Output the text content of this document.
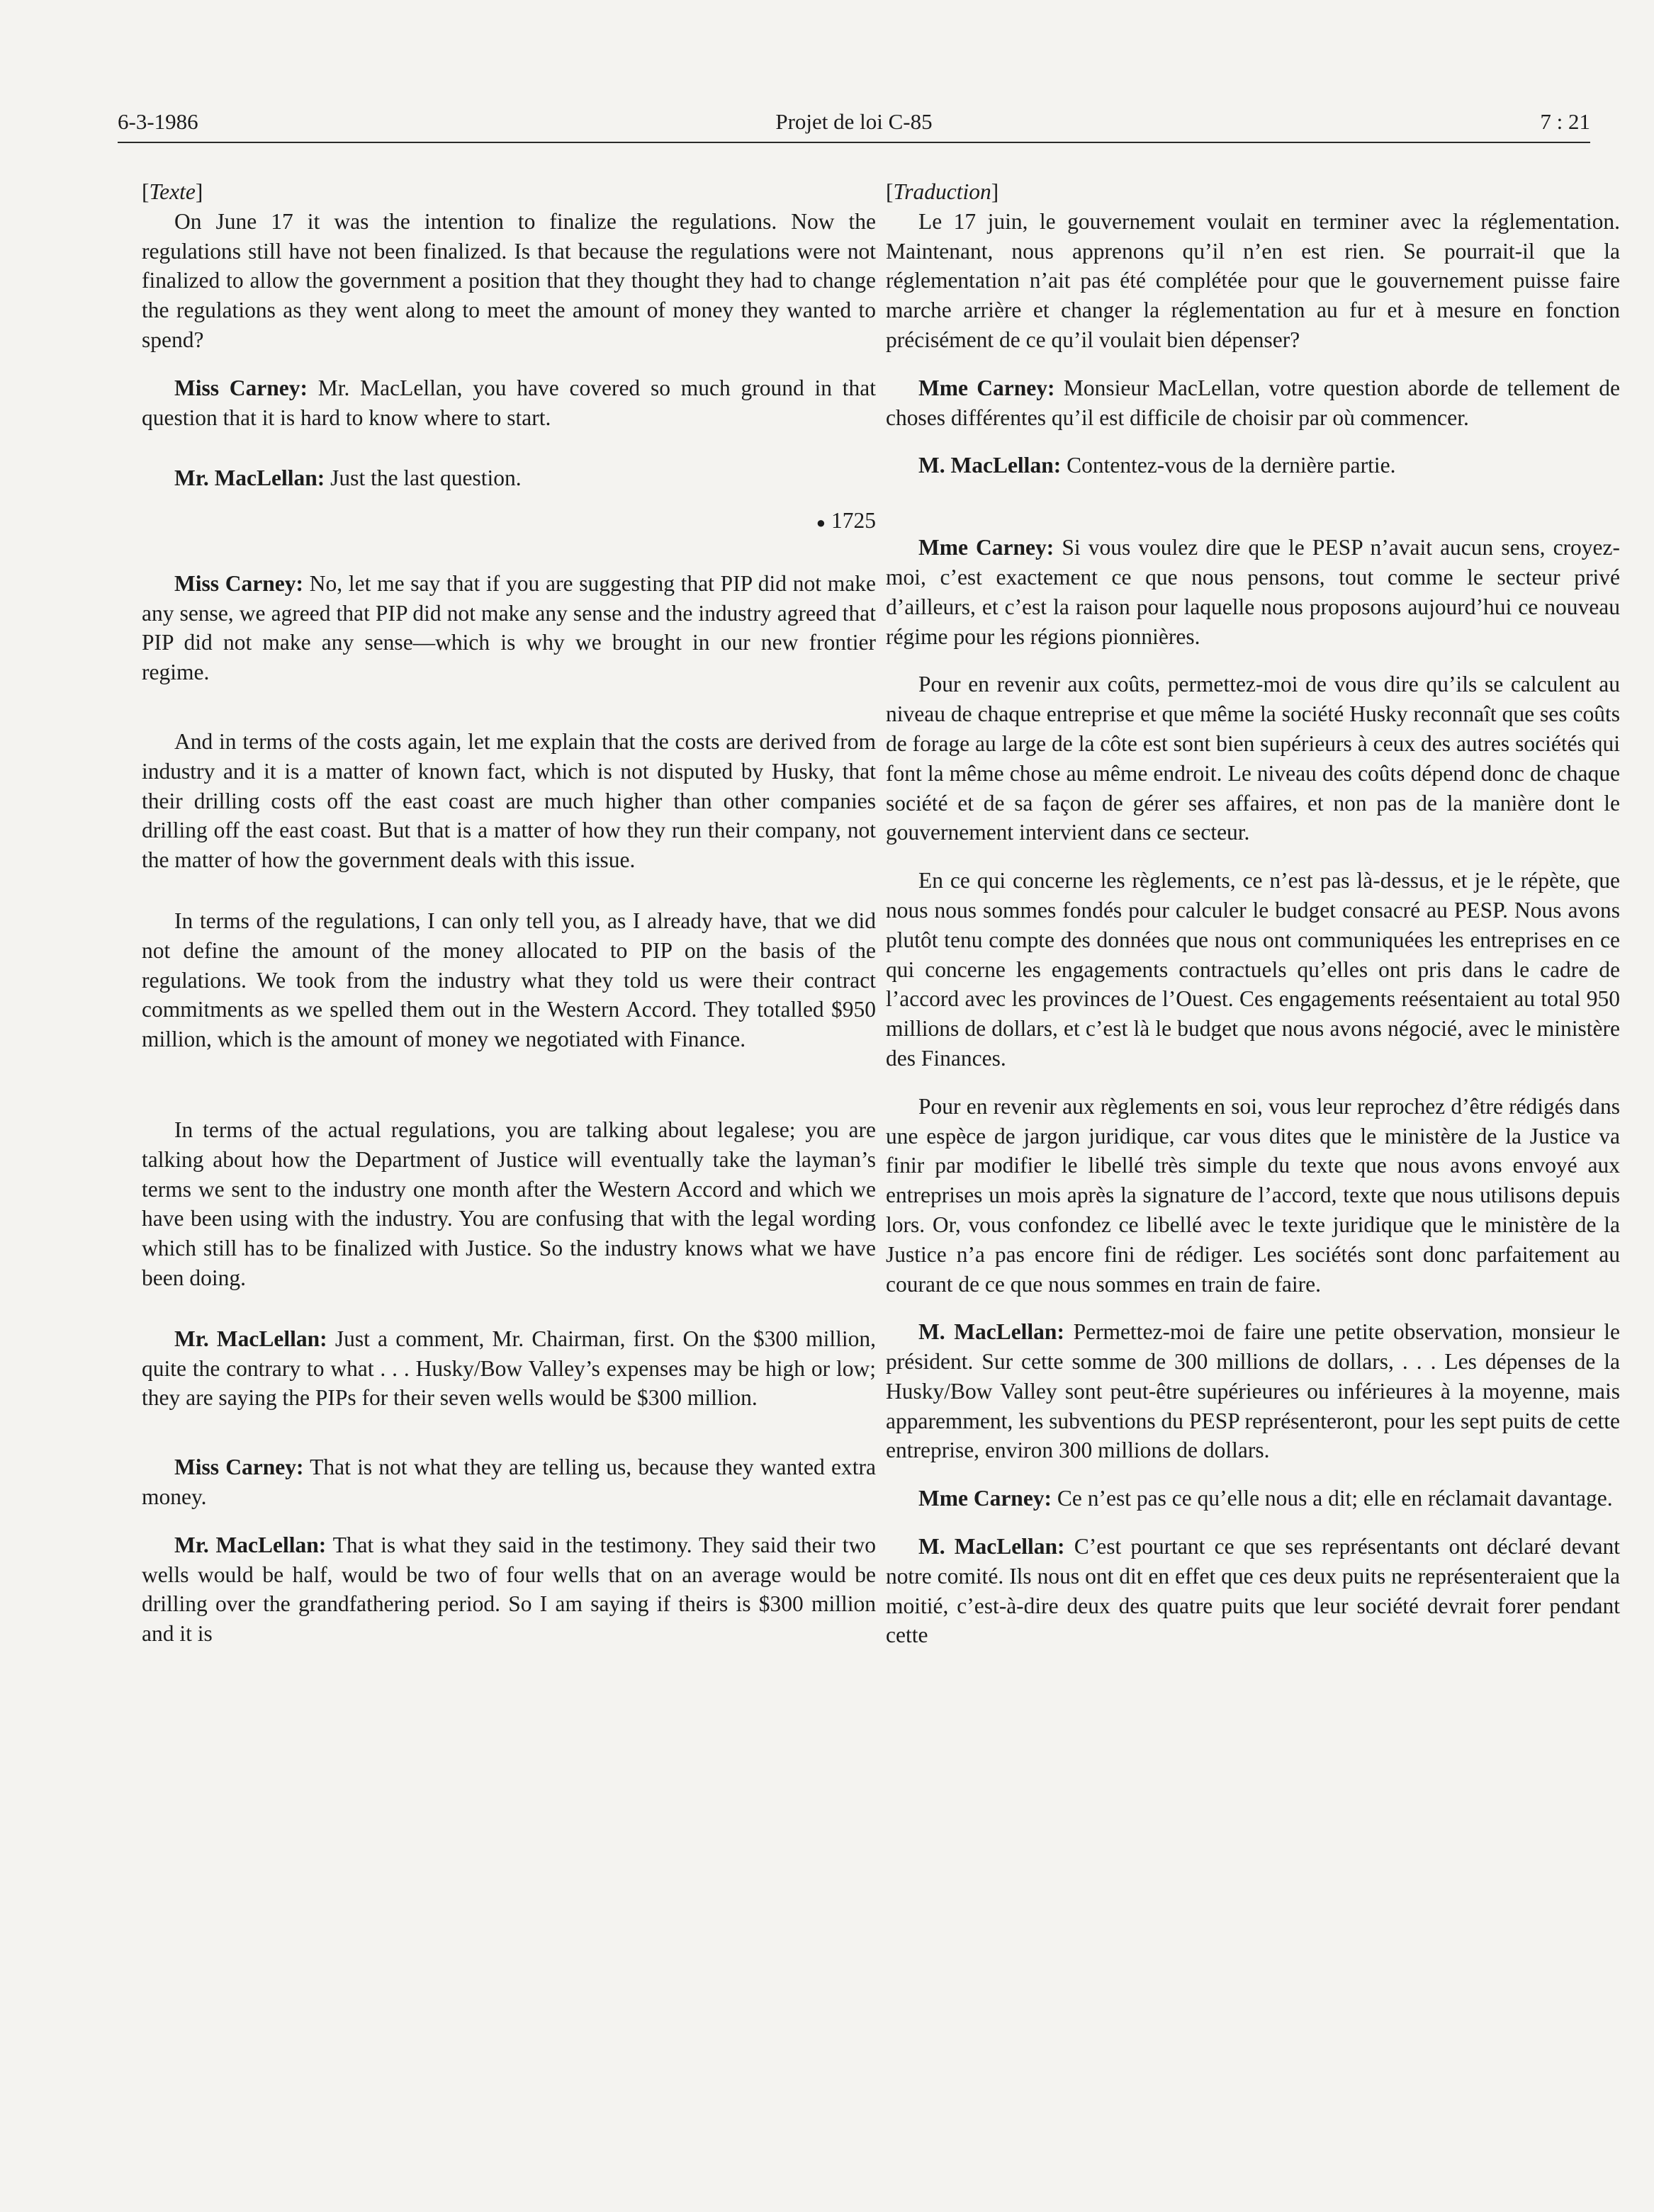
6-3-1986	Projet de loi C-85	7 : 21

[ Texte ]

On June 17 it was the intention to finalize the regulations. Now the regulations still have not been finalized. Is that because the regulations were not finalized to allow the government a position that they thought they had to change the regulations as they went along to meet the amount of money they wanted to spend?

Miss Carney: Mr. MacLellan, you have covered so much ground in that question that it is hard to know where to start.

Mr. MacLellan: Just the last question.

● 1725

Miss Carney: No, let me say that if you are suggesting that PIP did not make any sense, we agreed that PIP did not make any sense and the industry agreed that PIP did not make any sense—which is why we brought in our new frontier regime.

And in terms of the costs again, let me explain that the costs are derived from industry and it is a matter of known fact, which is not disputed by Husky, that their drilling costs off the east coast are much higher than other companies drilling off the east coast. But that is a matter of how they run their company, not the matter of how the government deals with this issue.

In terms of the regulations, I can only tell you, as I already have, that we did not define the amount of the money allocated to PIP on the basis of the regulations. We took from the industry what they told us were their contract commitments as we spelled them out in the Western Accord. They totalled $950 million, which is the amount of money we negotiated with Finance.

In terms of the actual regulations, you are talking about legalese; you are talking about how the Department of Justice will eventually take the layman’s terms we sent to the industry one month after the Western Accord and which we have been using with the industry. You are confusing that with the legal wording which still has to be finalized with Justice. So the industry knows what we have been doing.

Mr. MacLellan: Just a comment, Mr. Chairman, first. On the $300 million, quite the contrary to what . . . Husky/Bow Valley’s expenses may be high or low; they are saying the PIPs for their seven wells would be $300 million.

Miss Carney: That is not what they are telling us, because they wanted extra money.

Mr. MacLellan: That is what they said in the testimony. They said their two wells would be half, would be two of four wells that on an average would be drilling over the grandfathering period. So I am saying if theirs is $300 million and it is

[ Traduction ]

Le 17 juin, le gouvernement voulait en terminer avec la réglementation. Maintenant, nous apprenons qu’il n’en est rien. Se pourrait-il que la réglementation n’ait pas été complétée pour que le gouvernement puisse faire marche arrière et changer la réglementation au fur et à mesure en fonction précisément de ce qu’il voulait bien dépenser?

Mme Carney: Monsieur MacLellan, votre question aborde de tellement de choses différentes qu’il est difficile de choisir par où commencer.

M. MacLellan: Contentez-vous de la dernière partie.

Mme Carney: Si vous voulez dire que le PESP n’avait aucun sens, croyez-moi, c’est exactement ce que nous pensons, tout comme le secteur privé d’ailleurs, et c’est la raison pour laquelle nous proposons aujourd’hui ce nouveau régime pour les régions pionnières.

Pour en revenir aux coûts, permettez-moi de vous dire qu’ils se calculent au niveau de chaque entreprise et que même la société Husky reconnaît que ses coûts de forage au large de la côte est sont bien supérieurs à ceux des autres sociétés qui font la même chose au même endroit. Le niveau des coûts dépend donc de chaque société et de sa façon de gérer ses affaires, et non pas de la manière dont le gouvernement intervient dans ce secteur.

En ce qui concerne les règlements, ce n’est pas là-dessus, et je le répète, que nous nous sommes fondés pour calculer le budget consacré au PESP. Nous avons plutôt tenu compte des données que nous ont communiquées les entreprises en ce qui concerne les engagements contractuels qu’elles ont pris dans le cadre de l’accord avec les provinces de l’Ouest. Ces engagements reésentaient au total 950 millions de dollars, et c’est là le budget que nous avons négocié, avec le ministère des Finances.

Pour en revenir aux règlements en soi, vous leur reprochez d’être rédigés dans une espèce de jargon juridique, car vous dites que le ministère de la Justice va finir par modifier le libellé très simple du texte que nous avons envoyé aux entreprises un mois après la signature de l’accord, texte que nous utilisons depuis lors. Or, vous confondez ce libellé avec le texte juridique que le ministère de la Justice n’a pas encore fini de rédiger. Les sociétés sont donc parfaitement au courant de ce que nous sommes en train de faire.

M. MacLellan: Permettez-moi de faire une petite observation, monsieur le président. Sur cette somme de 300 millions de dollars, . . . Les dépenses de la Husky/Bow Valley sont peut-être supérieures ou inférieures à la moyenne, mais apparemment, les subventions du PESP représenteront, pour les sept puits de cette entreprise, environ 300 millions de dollars.

Mme Carney: Ce n’est pas ce qu’elle nous a dit; elle en réclamait davantage.

M. MacLellan: C’est pourtant ce que ses représentants ont déclaré devant notre comité. Ils nous ont dit en effet que ces deux puits ne représenteraient que la moitié, c’est-à-dire deux des quatre puits que leur société devrait forer pendant cette
